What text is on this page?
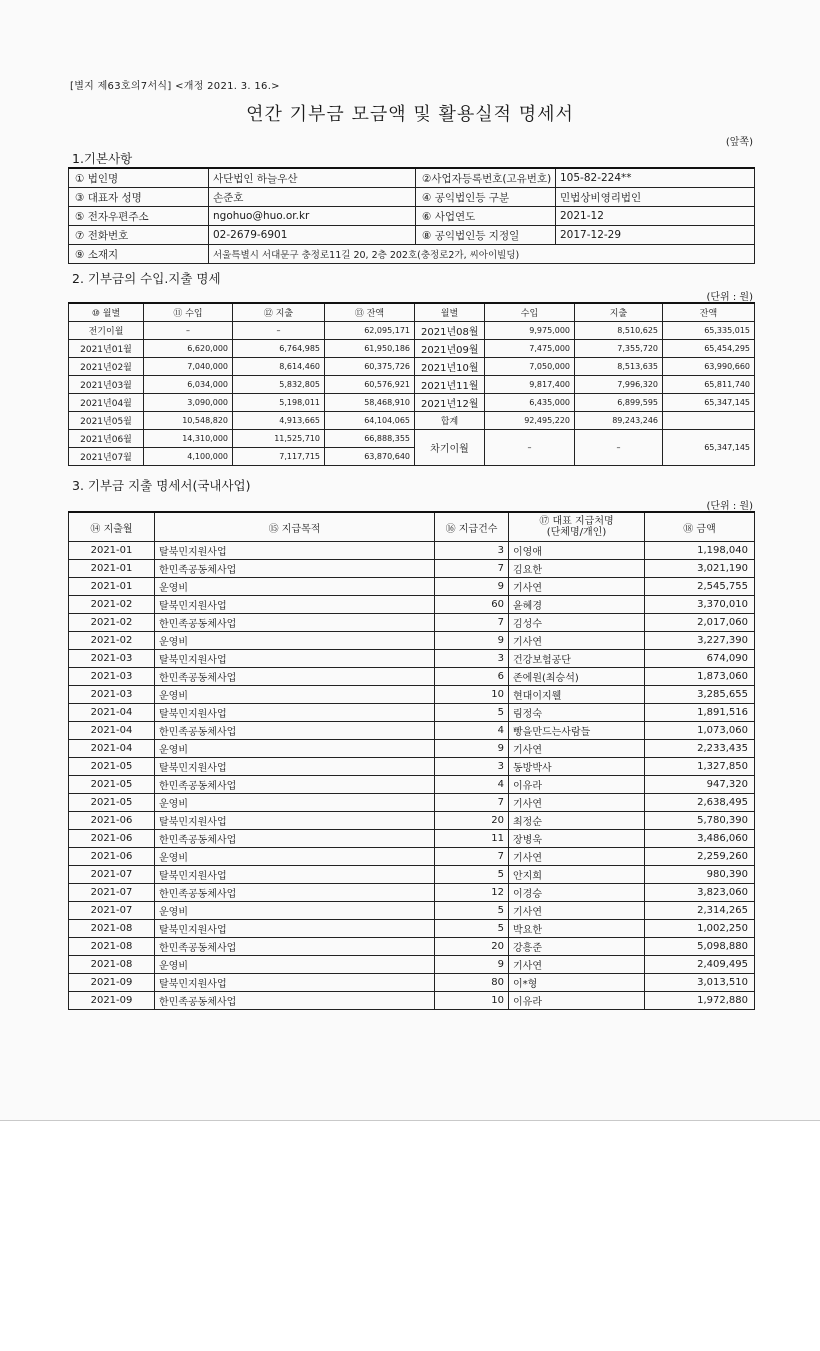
[별지 제63호의7서식] <개정 2021. 3. 16.>
연간 기부금 모금액 및 활용실적 명세서
(앞쪽)
1.기본사항
① 법인명	사단법인 하늘우산	②사업자등록번호(고유번호)	105-82-224**
③ 대표자 성명	손준호	④ 공익법인등 구분	민법상비영리법인
⑤ 전자우편주소	ngohuo@huo.or.kr	⑥ 사업연도	2021-12
⑦ 전화번호	02-2679-6901	⑧ 공익법인등 지정일	2017-12-29
⑨ 소재지	서울특별시 서대문구 충정로11길 20, 2층 202호(충정로2가, 씨아이빌딩)		
2. 기부금의 수입.지출 명세
(단위 : 원)
⑩ 월별	⑪ 수입	⑫ 지출	⑬ 잔액	월별	수입	지출	잔액
전기이월	–	–	62,095,171	2021년08월	9,975,000	8,510,625	65,335,015
2021년01월	6,620,000	6,764,985	61,950,186	2021년09월	7,475,000	7,355,720	65,454,295
2021년02월	7,040,000	8,614,460	60,375,726	2021년10월	7,050,000	8,513,635	63,990,660
2021년03월	6,034,000	5,832,805	60,576,921	2021년11월	9,817,400	7,996,320	65,811,740
2021년04월	3,090,000	5,198,011	58,468,910	2021년12월	6,435,000	6,899,595	65,347,145
2021년05월	10,548,820	4,913,665	64,104,065	합계	92,495,220	89,243,246	
2021년06월	14,310,000	11,525,710	66,888,355	차기이월	–	–	65,347,145
2021년07월	4,100,000	7,117,715	63,870,640				
3. 기부금 지출 명세서(국내사업)
(단위 : 원)
⑭ 지출월	⑮ 지급목적	⑯ 지급건수	⑰ 대표 지급처명
(단체명/개인)	⑱ 금액
2021-01	탈북민지원사업	3	이영애	1,198,040
2021-01	한민족공동체사업	7	김요한	3,021,190
2021-01	운영비	9	기사연	2,545,755
2021-02	탈북민지원사업	60	윤혜경	3,370,010
2021-02	한민족공동체사업	7	김성수	2,017,060
2021-02	운영비	9	기사연	3,227,390
2021-03	탈북민지원사업	3	건강보험공단	674,090
2021-03	한민족공동체사업	6	존에원(최승석)	1,873,060
2021-03	운영비	10	현대이지웰	3,285,655
2021-04	탈북민지원사업	5	림정숙	1,891,516
2021-04	한민족공동체사업	4	빵을만드는사람들	1,073,060
2021-04	운영비	9	기사연	2,233,435
2021-05	탈북민지원사업	3	동방박사	1,327,850
2021-05	한민족공동체사업	4	이유라	947,320
2021-05	운영비	7	기사연	2,638,495
2021-06	탈북민지원사업	20	최정순	5,780,390
2021-06	한민족공동체사업	11	장병욱	3,486,060
2021-06	운영비	7	기사연	2,259,260
2021-07	탈북민지원사업	5	안지희	980,390
2021-07	한민족공동체사업	12	이경승	3,823,060
2021-07	운영비	5	기사연	2,314,265
2021-08	탈북민지원사업	5	박요한	1,002,250
2021-08	한민족공동체사업	20	강흥준	5,098,880
2021-08	운영비	9	기사연	2,409,495
2021-09	탈북민지원사업	80	이*형	3,013,510
2021-09	한민족공동체사업	10	이유라	1,972,880
